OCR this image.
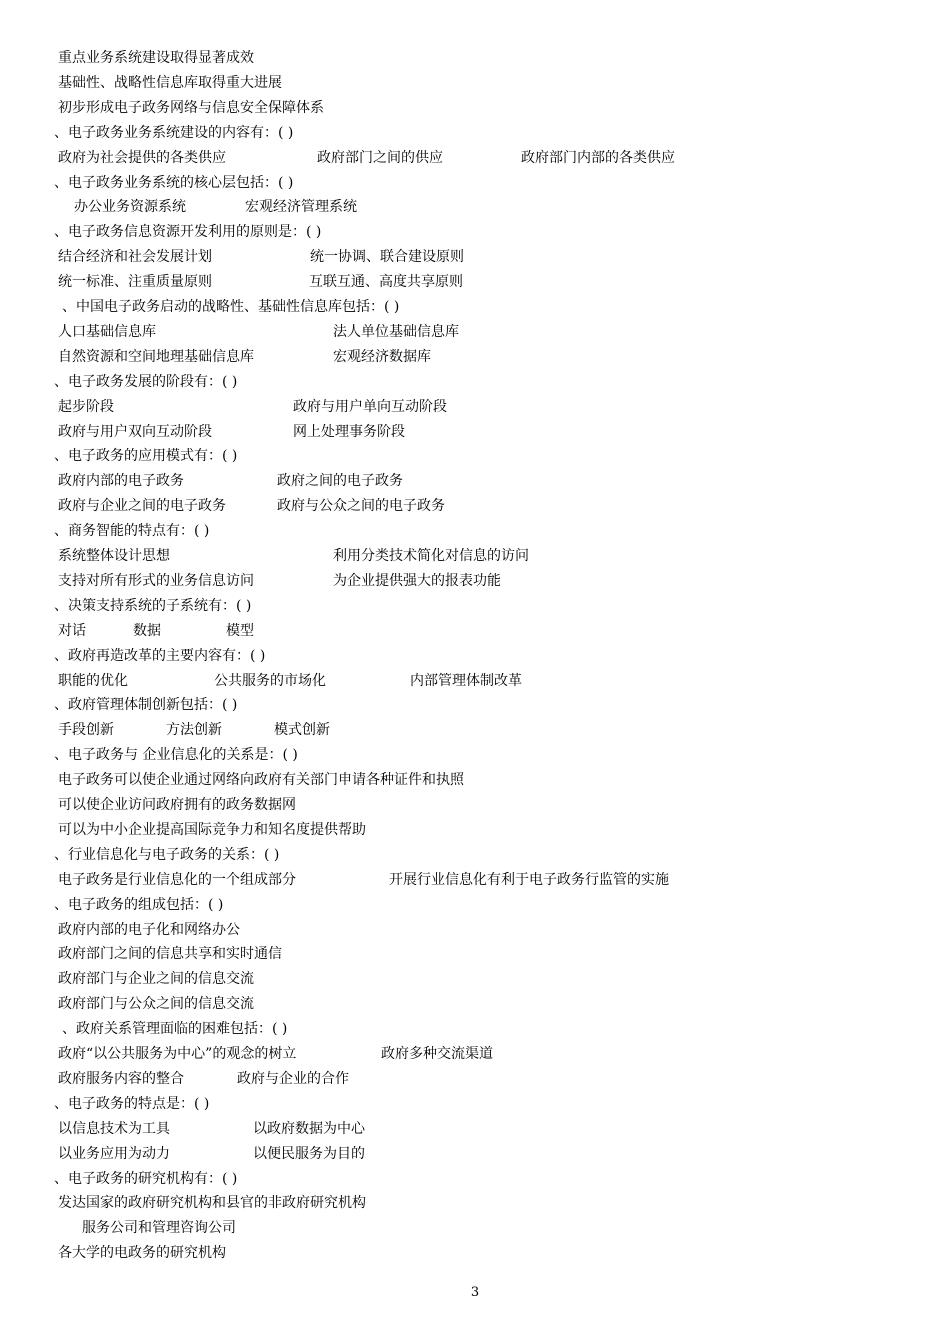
重点业务系统建设取得显著成效
基础性、战略性信息库取得重大进展
初步形成电子政务网络与信息安全保障体系
、电子政务业务系统建设的内容有：( )
政府为社会提供的各类供应	政府部门之间的供应	政府部门内部的各类供应
、电子政务业务系统的核心层包括：( )
办公业务资源系统	宏观经济管理系统
、电子政务信息资源开发利用的原则是：( )
结合经济和社会发展计划	统一协调、联合建设原则
统一标准、注重质量原则	互联互通、高度共享原则
、中国电子政务启动的战略性、基础性信息库包括：( )
人口基础信息库	法人单位基础信息库
自然资源和空间地理基础信息库	宏观经济数据库
、电子政务发展的阶段有：( )
起步阶段	政府与用户单向互动阶段
政府与用户双向互动阶段	网上处理事务阶段
、电子政务的应用模式有：( )
政府内部的电子政务	政府之间的电子政务
政府与企业之间的电子政务	政府与公众之间的电子政务
、商务智能的特点有：( )
系统整体设计思想	利用分类技术简化对信息的访问
支持对所有形式的业务信息访问	为企业提供强大的报表功能
、决策支持系统的子系统有：( )
对话	数据	模型
、政府再造改革的主要内容有：( )
职能的优化	公共服务的市场化	内部管理体制改革
、政府管理体制创新包括：( )
手段创新	方法创新	模式创新
、电子政务与 企业信息化的关系是：( )
电子政务可以使企业通过网络向政府有关部门申请各种证件和执照
可以使企业访问政府拥有的政务数据网
可以为中小企业提高国际竞争力和知名度提供帮助
、行业信息化与电子政务的关系：( )
电子政务是行业信息化的一个组成部分	开展行业信息化有利于电子政务行监管的实施
、电子政务的组成包括：( )
政府内部的电子化和网络办公
政府部门之间的信息共享和实时通信
政府部门与企业之间的信息交流
政府部门与公众之间的信息交流
、政府关系管理面临的困难包括：( )
政府“以公共服务为中心”的观念的树立	政府多种交流渠道
政府服务内容的整合	政府与企业的合作
、电子政务的特点是：( )
以信息技术为工具	以政府数据为中心
以业务应用为动力	以便民服务为目的
、电子政务的研究机构有：( )
发达国家的政府研究机构和县官的非政府研究机构
服务公司和管理咨询公司
各大学的电政务的研究机构
3
